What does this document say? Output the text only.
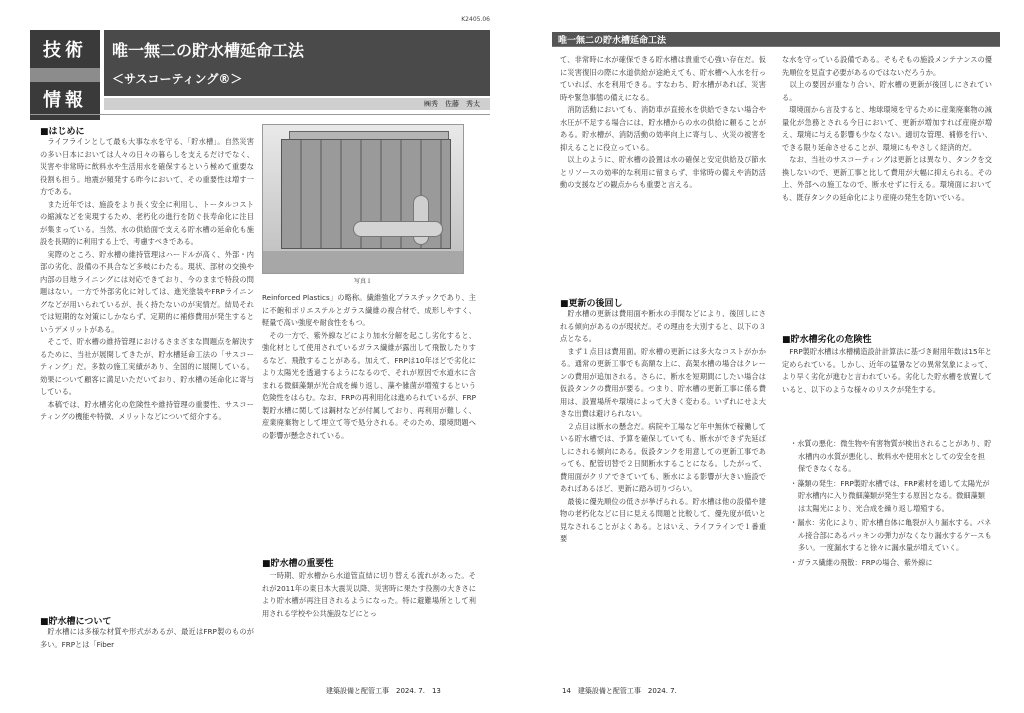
K2405.06
技術
情報
唯一無二の貯水槽延命工法
＜サスコーティング®＞
㈱秀　佐藤　秀太
■はじめに
　ライフラインとして最も大事な水を守る、「貯水槽」。自然災害の多い日本においては人々の日々の暮らしを支えるだけでなく、災害や非常時に飲料水や生活用水を確保するという極めて重要な役割も担う。地震が頻発する昨今において、その重要性は増す一方である。
　また近年では、施設をより長く安全に利用し、トータルコストの縮減などを実現するため、老朽化の進行を防ぐ長寿命化に注目が集まっている。当然、水の供給面で支える貯水槽の延命化も施設を長期的に利用する上で、考慮すべきである。
　実際のところ、貯水槽の維持管理はハードルが高く、外部・内部の劣化、設備の不具合など多岐にわたる。現状、部材の交換や内部の目地ライニングには対応できており、今のままで特段の問題はない。一方で外部劣化に対しては、進光塗装やFRPライニングなどが用いられているが、長く持たないのが実情だ。結局それでは短期的な対策にしかならず、定期的に補修費用が発生するというデメリットがある。
　そこで、貯水槽の維持管理におけるさまざまな問題点を解決するために、当社が展開してきたが、貯水槽延命工法の「サスコーティング」だ。多数の施工実績があり、全国的に展開している。効果について顧客に満足いただいており、貯水槽の延命化に寄与している。
　本稿では、貯水槽劣化の危険性や維持管理の重要性、サスコーティングの機能や特徴、メリットなどについて紹介する。
■貯水槽について
　貯水槽には多様な材質や形式があるが、最近はFRP製のものが多い。FRPとは「Fiber
写真１
Reinforced Plastics」の略称。繊維強化プラスチックであり、主に不飽和ポリエステルとガラス繊維の複合材で、成形しやすく、軽量で高い強度や耐食性をもつ。
　その一方で、紫外線などにより加水分解を起こし劣化すると、強化材として使用されているガラス繊維が露出して飛散したりするなど、飛散することがある。加えて、FRPは10年ほどで劣化により太陽光を透過するようになるので、それが原因で水道水に含まれる微細藻類が光合成を繰り返し、藻や雑菌が増殖するという危険性をはらむ。なお、FRPの再利用化は進められているが、FRP製貯水槽に関しては鋼材などが付属しており、再利用が難しく、産業廃棄物として埋立て等で処分される。そのため、環境問題への影響が懸念されている。
■貯水槽の重要性
　一時期、貯水槽から水道管直結に切り替える流れがあった。それが2011年の東日本大震災以降、災害時に果たす役割の大きさにより貯水槽が再注目されるようになった。特に避難場所として利用される学校や公共施設などにとっ
建築設備と配管工事　2024. 7.　13
唯一無二の貯水槽延命工法
て、非常時に水が確保できる貯水槽は貴重で心強い存在だ。仮に災害復旧の際に水道供給が途絶えても、貯水槽へ入水を行っていれば、水を利用できる。すなわち、貯水槽があれば、災害時や緊急事態の備えになる。
　消防活動においても、消防車が直接水を供給できない場合や水圧が不足する場合には、貯水槽からの水の供給に頼ることがある。貯水槽が、消防活動の効率向上に寄与し、火災の被害を抑えることに役立っている。
　以上のように、貯水槽の設置は水の確保と安定供給及び節水とリソースの効率的な利用に留まらず、非常時の備えや消防活動の支援などの観点からも重要と言える。
■更新の後回し
　貯水槽の更新は費用面や断水の手間などにより、後回しにされる傾向があるのが現状だ。その理由を大別すると、以下の３点となる。
　まず１点目は費用面。貯水槽の更新には多大なコストがかかる。通常の更新工事でも高額な上に、高架水槽の場合はクレーンの費用が追加される。さらに、断水を短期間にしたい場合は仮設タンクの費用が要る。つまり、貯水槽の更新工事に係る費用は、設置場所や環境によって大きく変わる。いずれにせよ大きな出費は避けられない。
　２点目は断水の懸念だ。病院や工場など年中無休で稼働している貯水槽では、予算を確保していても、断水ができず先延ばしにされる傾向にある。仮設タンクを用意しての更新工事であっても、配管切替で２日間断水することになる。したがって、費用面がクリアできていても、断水による影響が大きい施設であればあるほど、更新に踏み切りづらい。
　最後に優先順位の低さが挙げられる。貯水槽は他の設備や建物の老朽化などに目に見える問題と比較して、優先度が低いと見なされることがよくある。とはいえ、ライフラインで１番重要
な水を守っている設備である。そもそもの施設メンテナンスの優先順位を見直す必要があるのではないだろうか。
　以上の要因が重なり合い、貯水槽の更新が後回しにされている。
　環境面から言及すると、地球環境を守るために産業廃棄物の減量化が急務とされる今日において、更新が増加すれば産廃が増え、環境に与える影響も少なくない。適切な管理、補修を行い、できる限り延命させることが、環境にもやさしく経済的だ。
　なお、当社のサスコーティングは更新とは異なり、タンクを交換しないので、更新工事と比して費用が大幅に抑えられる。その上、外部への施工なので、断水せずに行える。環境面においても、既存タンクの延命化により産廃の発生を防いでいる。
■貯水槽劣化の危険性
　FRP製貯水槽は水槽構造設計計算法に基づき耐用年数は15年と定められている。しかし、近年の猛暑などの異常気象によって、より早く劣化が進むと言われている。劣化した貯水槽を放置していると、以下のような様々のリスクが発生する。
・水質の悪化：微生物や有害物質が検出されることがあり、貯水槽内の水質が悪化し、飲料水や使用水としての安全を担保できなくなる。
・藻類の発生：FRP製貯水槽では、FRP素材を通して太陽光が貯水槽内に入り微細藻類が発生する原因となる。微細藻類は太陽光により、光合成を繰り返し増殖する。
・漏水：劣化により、貯水槽自体に亀裂が入り漏水する。パネル接合部にあるパッキンの弾力がなくなり漏水するケースも多い。一度漏水すると徐々に漏水量が増えていく。
・ガラス繊維の飛散：FRPの場合、紫外線に
14　建築設備と配管工事　2024. 7.
